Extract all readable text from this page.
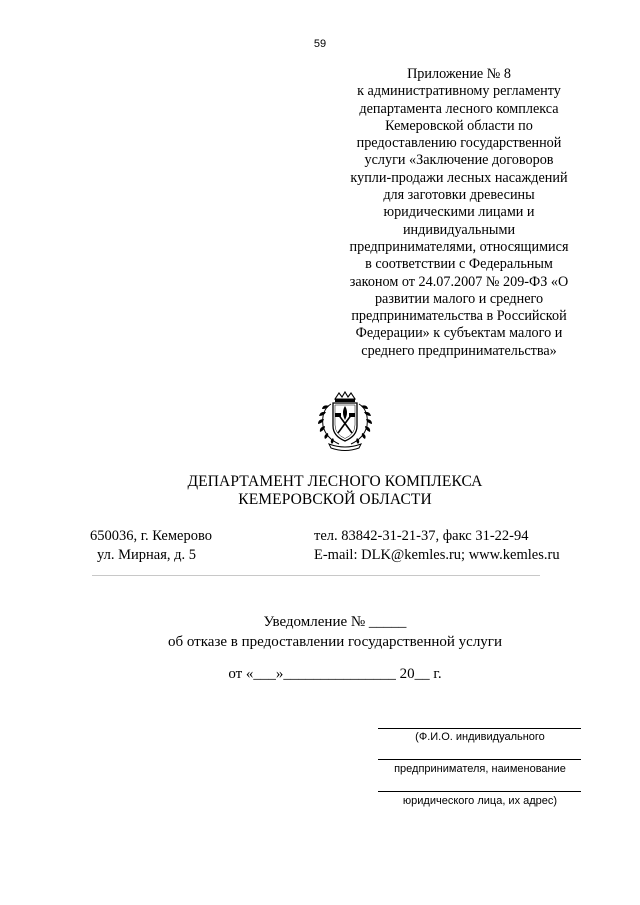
59
Приложение № 8
к административному регламенту
департамента лесного комплекса
Кемеровской области по
предоставлению государственной
услуги «Заключение договоров
купли-продажи лесных насаждений
для заготовки древесины
юридическими лицами и
индивидуальными
предпринимателями, относящимися
в соответствии с Федеральным
законом от 24.07.2007 № 209-ФЗ «О
развитии малого и среднего
предпринимательства в Российской
Федерации» к субъектам малого и
среднего предпринимательства»
ДЕПАРТАМЕНТ ЛЕСНОГО КОМПЛЕКСА
КЕМЕРОВСКОЙ ОБЛАСТИ
650036, г. Кемерово
ул. Мирная, д. 5
тел. 83842-31-21-37, факс 31-22-94
E-mail: DLK@kemles.ru; www.kemles.ru
Уведомление № _____
об отказе в предоставлении государственной услуги
от «___»_______________ 20__ г.
(Ф.И.О. индивидуального
предпринимателя, наименование
юридического лица, их адрес)
